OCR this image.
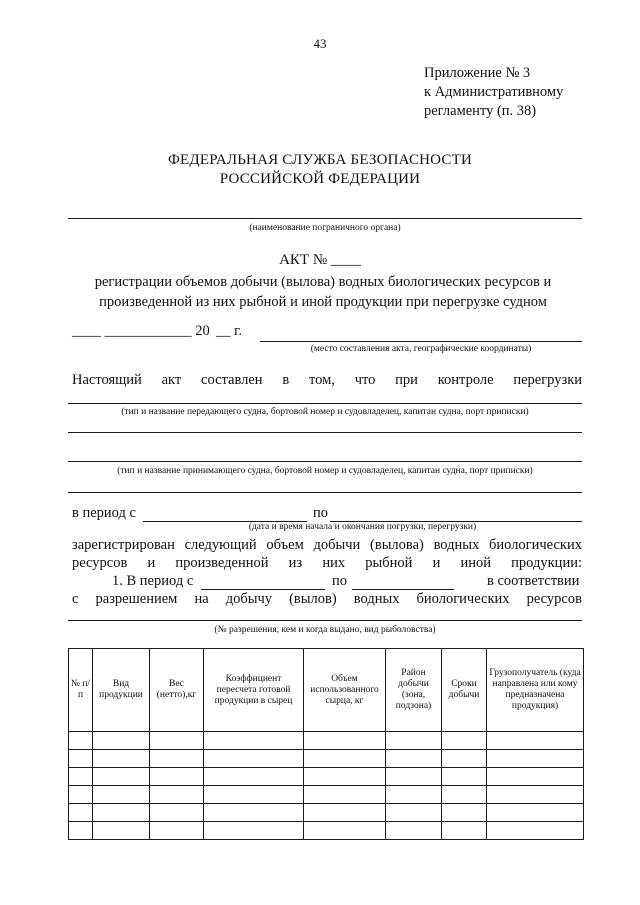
43
Приложение № 3
к Административному
регламенту (п. 38)
ФЕДЕРАЛЬНАЯ СЛУЖБА БЕЗОПАСНОСТИ
РОССИЙСКОЙ ФЕДЕРАЦИИ
(наименование пограничного органа)
АКТ № ____
регистрации объемов добычи (вылова) водных биологических ресурсов и
произведенной из них рыбной и иной продукции при перегрузке судном
____ ____________ 20 __ г.
(место составления акта, географические координаты)
Настоящий акт составлен в том, что при контроле перегрузки
(тип и название передающего судна, бортовой номер и судовладелец, капитан судна, порт приписки)
(тип и название принимающего судна, бортовой номер и судовладелец, капитан судна, порт приписки)
в период с	по
(дата и время начала и окончания погрузки, перегрузки)
зарегистрирован следующий объем добычи (вылова) водных биологических
ресурсов и произведенной из них рыбной и иной продукции:
1. В период с	по	в соответствии
с разрешением на добычу (вылов) водных биологических ресурсов
(№ разрешения, кем и когда выдано, вид рыболовства)
№ п/п	Вид продукции	Вес (нетто),кг	Коэффициент пересчета готовой продукции в сырец	Объем использованного сырца, кг	Район добычи (зона, подзона)	Сроки добычи	Грузополучатель (куда направлена или кому предназначена продукция)
